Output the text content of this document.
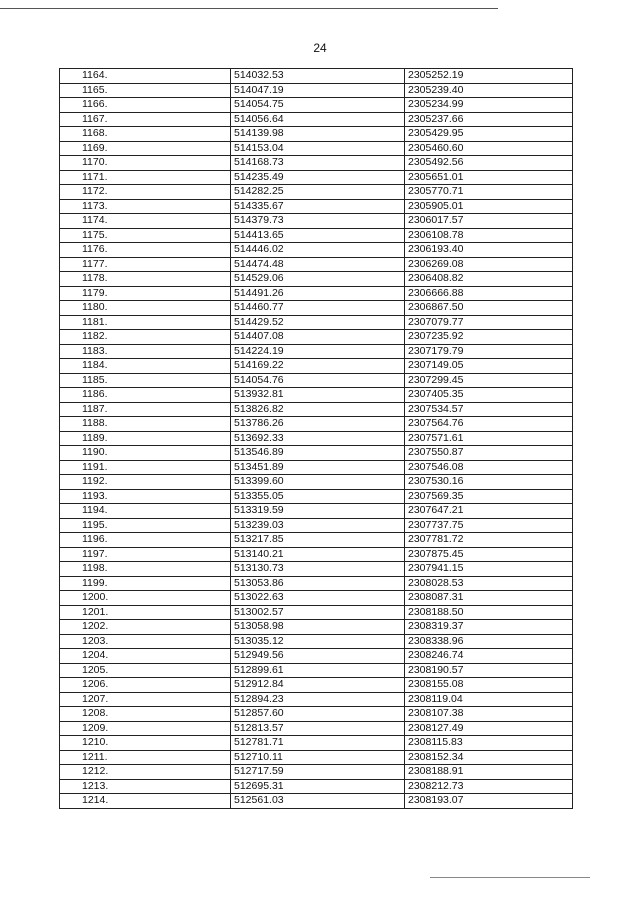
24
1164.	514032.53	2305252.19
1165.	514047.19	2305239.40
1166.	514054.75	2305234.99
1167.	514056.64	2305237.66
1168.	514139.98	2305429.95
1169.	514153.04	2305460.60
1170.	514168.73	2305492.56
1171.	514235.49	2305651.01
1172.	514282.25	2305770.71
1173.	514335.67	2305905.01
1174.	514379.73	2306017.57
1175.	514413.65	2306108.78
1176.	514446.02	2306193.40
1177.	514474.48	2306269.08
1178.	514529.06	2306408.82
1179.	514491.26	2306666.88
1180.	514460.77	2306867.50
1181.	514429.52	2307079.77
1182.	514407.08	2307235.92
1183.	514224.19	2307179.79
1184.	514169.22	2307149.05
1185.	514054.76	2307299.45
1186.	513932.81	2307405.35
1187.	513826.82	2307534.57
1188.	513786.26	2307564.76
1189.	513692.33	2307571.61
1190.	513546.89	2307550.87
1191.	513451.89	2307546.08
1192.	513399.60	2307530.16
1193.	513355.05	2307569.35
1194.	513319.59	2307647.21
1195.	513239.03	2307737.75
1196.	513217.85	2307781.72
1197.	513140.21	2307875.45
1198.	513130.73	2307941.15
1199.	513053.86	2308028.53
1200.	513022.63	2308087.31
1201.	513002.57	2308188.50
1202.	513058.98	2308319.37
1203.	513035.12	2308338.96
1204.	512949.56	2308246.74
1205.	512899.61	2308190.57
1206.	512912.84	2308155.08
1207.	512894.23	2308119.04
1208.	512857.60	2308107.38
1209.	512813.57	2308127.49
1210.	512781.71	2308115.83
1211.	512710.11	2308152.34
1212.	512717.59	2308188.91
1213.	512695.31	2308212.73
1214.	512561.03	2308193.07
